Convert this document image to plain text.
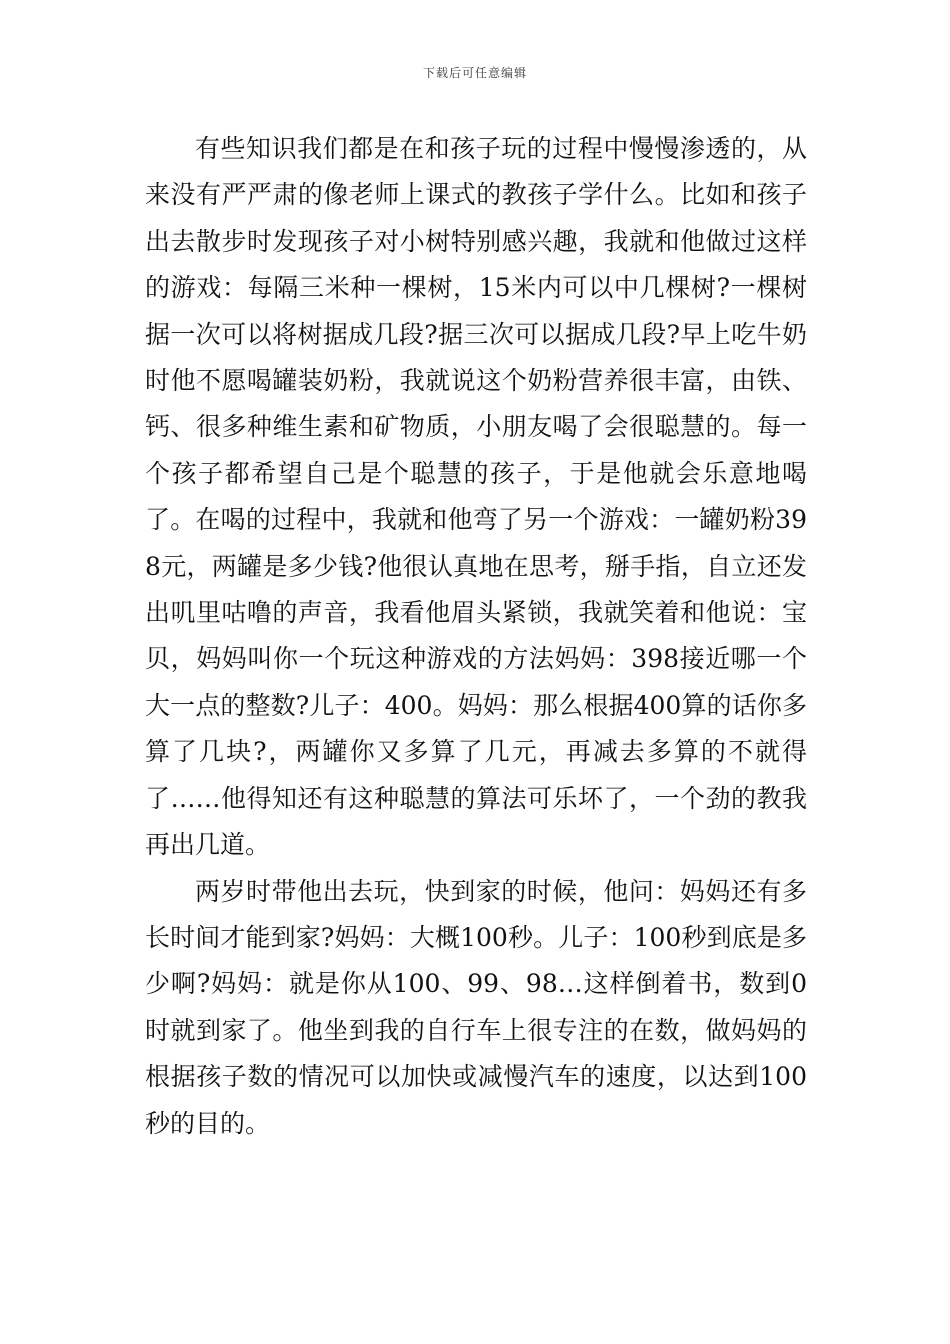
下载后可任意编辑

有些知识我们都是在和孩子玩的过程中慢慢渗透的，从来没有严严肃的像老师上课式的教孩子学什么。比如和孩子出去散步时发现孩子对小树特别感兴趣，我就和他做过这样的游戏：每隔三米种一棵树，15米内可以中几棵树?一棵树据一次可以将树据成几段?据三次可以据成几段?早上吃牛奶时他不愿喝罐装奶粉，我就说这个奶粉营养很丰富，由铁、钙、很多种维生素和矿物质，小朋友喝了会很聪慧的。每一个孩子都希望自己是个聪慧的孩子，于是他就会乐意地喝了。在喝的过程中，我就和他弯了另一个游戏：一罐奶粉398元，两罐是多少钱?他很认真地在思考，掰手指，自立还发出叽里咕噜的声音，我看他眉头紧锁，我就笑着和他说：宝贝，妈妈叫你一个玩这种游戏的方法妈妈：398接近哪一个大一点的整数?儿子：400。妈妈：那么根据400算的话你多算了几块?，两罐你又多算了几元，再减去多算的不就得了……他得知还有这种聪慧的算法可乐坏了，一个劲的教我再出几道。

两岁时带他出去玩，快到家的时候，他问：妈妈还有多长时间才能到家?妈妈：大概100秒。儿子：100秒到底是多少啊?妈妈：就是你从100、99、98…这样倒着书，数到0时就到家了。他坐到我的自行车上很专注的在数，做妈妈的根据孩子数的情况可以加快或减慢汽车的速度，以达到100秒的目的。
